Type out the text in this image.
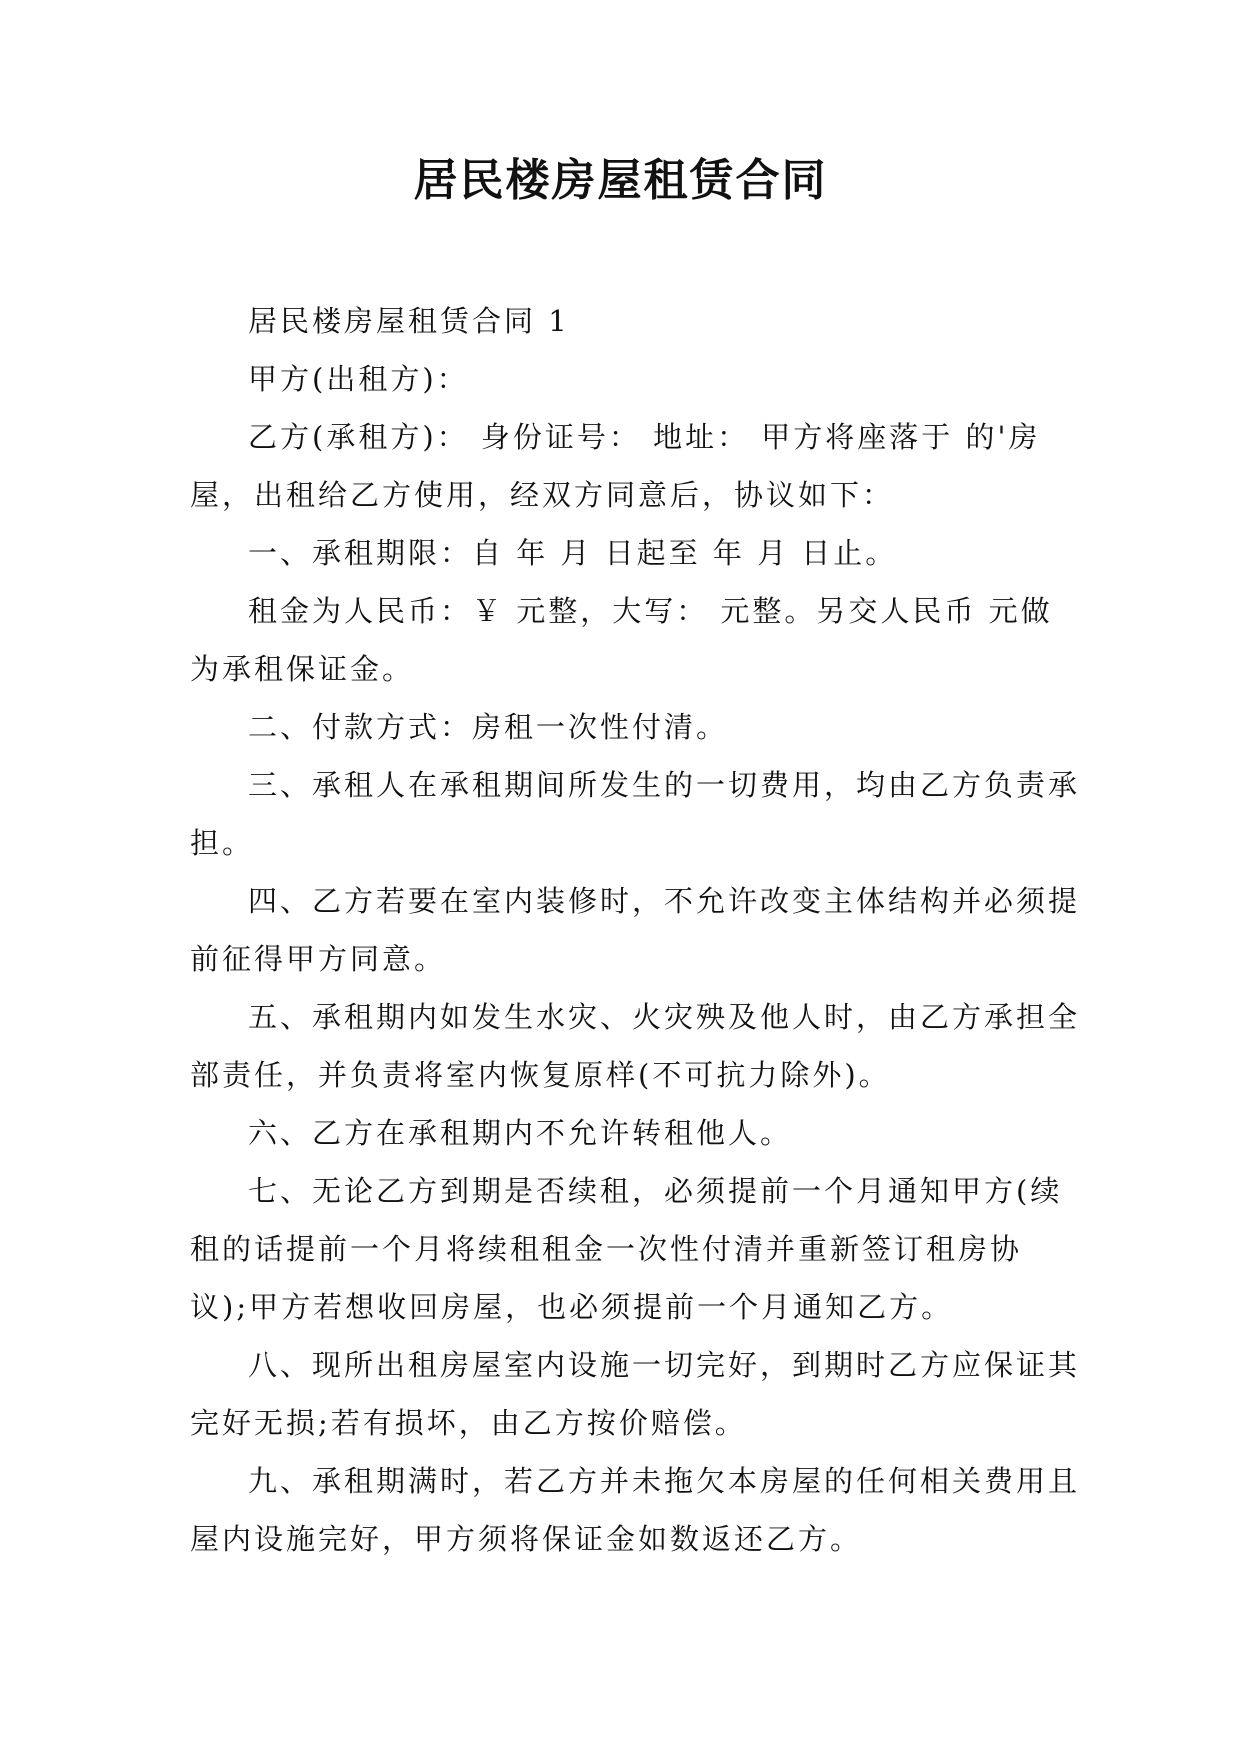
居民楼房屋租赁合同

居民楼房屋租赁合同 1

甲方(出租方)：

乙方(承租方)： 身份证号： 地址： 甲方将座落于 的'房屋，出租给乙方使用，经双方同意后，协议如下：

一、承租期限：自 年 月 日起至 年 月 日止。

租金为人民币：￥ 元整，大写： 元整。另交人民币 元做为承租保证金。

二、付款方式：房租一次性付清。

三、承租人在承租期间所发生的一切费用，均由乙方负责承担。

四、乙方若要在室内装修时，不允许改变主体结构并必须提前征得甲方同意。

五、承租期内如发生水灾、火灾殃及他人时，由乙方承担全部责任，并负责将室内恢复原样(不可抗力除外)。

六、乙方在承租期内不允许转租他人。

七、无论乙方到期是否续租，必须提前一个月通知甲方(续租的话提前一个月将续租租金一次性付清并重新签订租房协议);甲方若想收回房屋，也必须提前一个月通知乙方。

八、现所出租房屋室内设施一切完好，到期时乙方应保证其完好无损;若有损坏，由乙方按价赔偿。

九、承租期满时，若乙方并未拖欠本房屋的任何相关费用且屋内设施完好，甲方须将保证金如数返还乙方。
